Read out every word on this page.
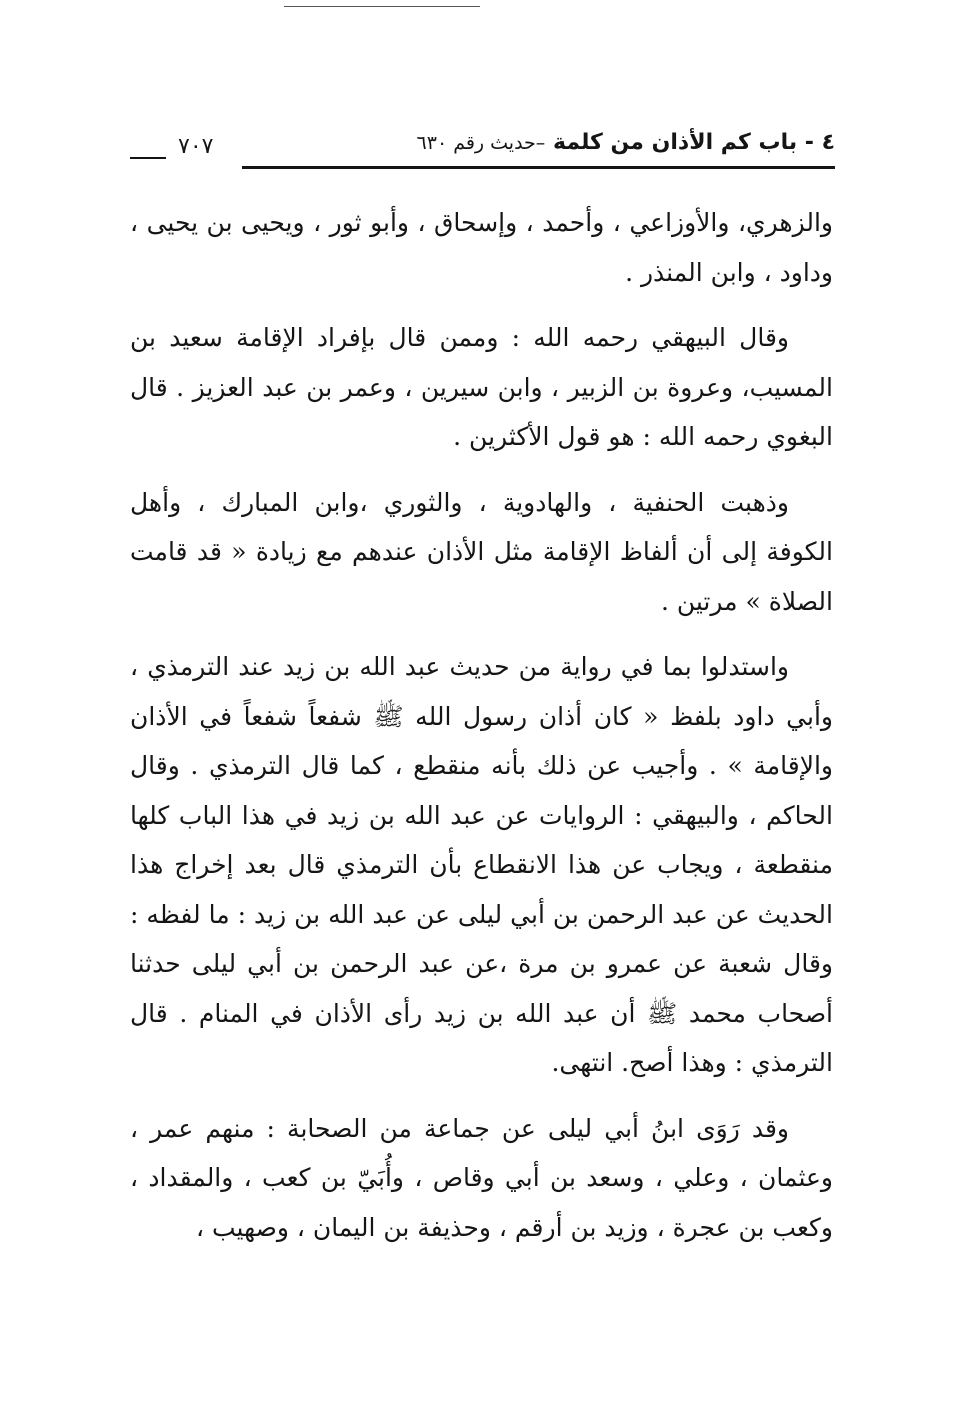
٤ - باب كم الأذان من كلمة –حديث رقم ٦٣٠
٧٠٧

والزهري، والأوزاعي ، وأحمد ، وإسحاق ، وأبو ثور ، ويحيى بن يحيى ، وداود ، وابن المنذر .

وقال البيهقي رحمه الله : وممن قال بإفراد الإقامة سعيد بن المسيب، وعروة بن الزبير ، وابن سيرين ، وعمر بن عبد العزيز . قال البغوي رحمه الله : هو قول الأكثرين .

وذهبت الحنفية ، والهادوية ، والثوري ،وابن المبارك ، وأهل الكوفة إلى أن ألفاظ الإقامة مثل الأذان عندهم مع زيادة « قد قامت الصلاة » مرتين .

واستدلوا بما في رواية من حديث عبد الله بن زيد عند الترمذي ، وأبي داود بلفظ « كان أذان رسول الله ﷺ شفعاً شفعاً في الأذان والإقامة » . وأجيب عن ذلك بأنه منقطع ، كما قال الترمذي . وقال الحاكم ، والبيهقي : الروايات عن عبد الله بن زيد في هذا الباب كلها منقطعة ، ويجاب عن هذا الانقطاع بأن الترمذي قال بعد إخراج هذا الحديث عن عبد الرحمن بن أبي ليلى عن عبد الله بن زيد : ما لفظه : وقال شعبة عن عمرو بن مرة ،عن عبد الرحمن بن أبي ليلى حدثنا أصحاب محمد ﷺ أن عبد الله بن زيد رأى الأذان في المنام . قال الترمذي : وهذا أصح. انتهى.

وقد رَوَى ابنُ أبي ليلى عن جماعة من الصحابة : منهم عمر ، وعثمان ، وعلي ، وسعد بن أبي وقاص ، وأُبَيّ بن كعب ، والمقداد ، وكعب بن عجرة ، وزيد بن أرقم ، وحذيفة بن اليمان ، وصهيب ،
